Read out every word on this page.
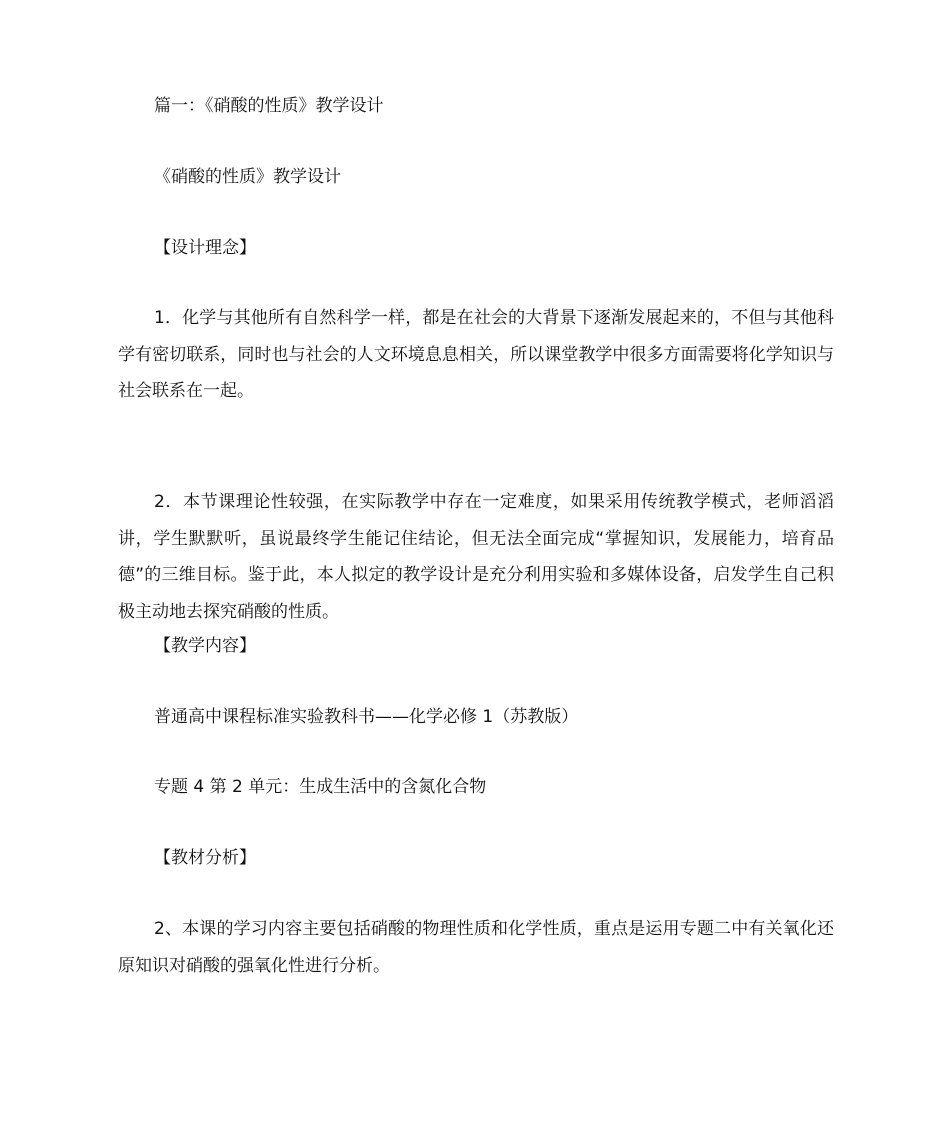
篇一：《硝酸的性质》教学设计
《硝酸的性质》教学设计
【设计理念】
1．化学与其他所有自然科学一样，都是在社会的大背景下逐渐发展起来的，不但与其他科学有密切联系，同时也与社会的人文环境息息相关，所以课堂教学中很多方面需要将化学知识与社会联系在一起。
2．本节课理论性较强，在实际教学中存在一定难度，如果采用传统教学模式，老师滔滔讲，学生默默听，虽说最终学生能记住结论，但无法全面完成“掌握知识，发展能力，培育品德”的三维目标。鉴于此，本人拟定的教学设计是充分利用实验和多媒体设备，启发学生自己积极主动地去探究硝酸的性质。
【教学内容】
普通高中课程标准实验教科书——化学必修 1（苏教版）
专题 4 第 2 单元：生成生活中的含氮化合物
【教材分析】
2、本课的学习内容主要包括硝酸的物理性质和化学性质，重点是运用专题二中有关氧化还原知识对硝酸的强氧化性进行分析。
